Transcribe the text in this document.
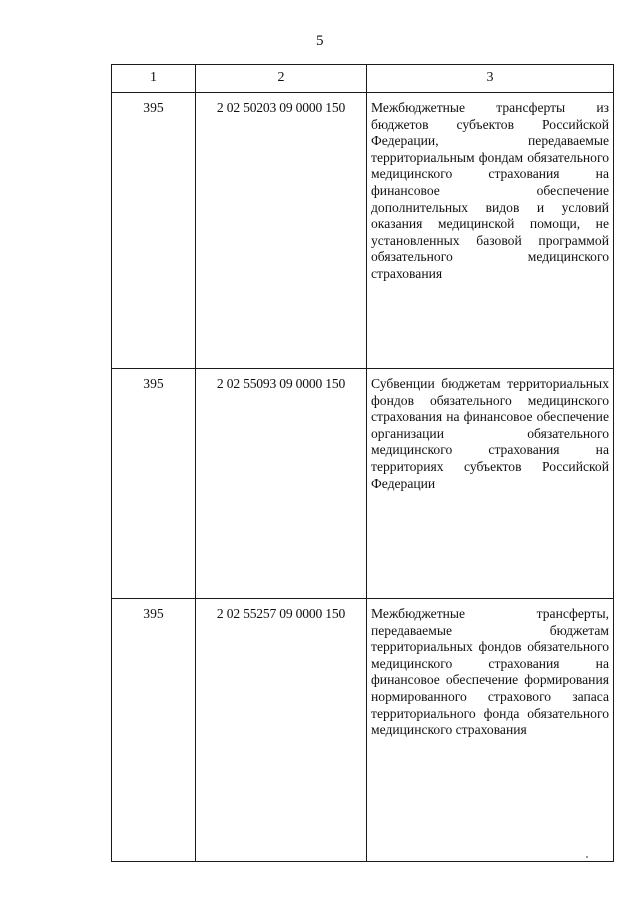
5
1	2	3
395	2 02 50203 09 0000 150	Межбюджетные трансферты из бюджетов субъектов Российской Федерации, передаваемые территориальным фондам обязательного медицинского страхования на финансовое обеспечение дополнительных видов и условий оказания медицинской помощи, не установленных базовой программой обязательного медицинского страхования
395	2 02 55093 09 0000 150	Субвенции бюджетам территориальных фондов обязательного медицинского страхования на финансовое обеспечение организации обязательного медицинского страхования на территориях субъектов Российской Федерации
395	2 02 55257 09 0000 150	Межбюджетные трансферты, передаваемые бюджетам территориальных фондов обязательного медицинского страхования на финансовое обеспечение формирования нормированного страхового запаса территориального фонда обязательного медицинского страхования
